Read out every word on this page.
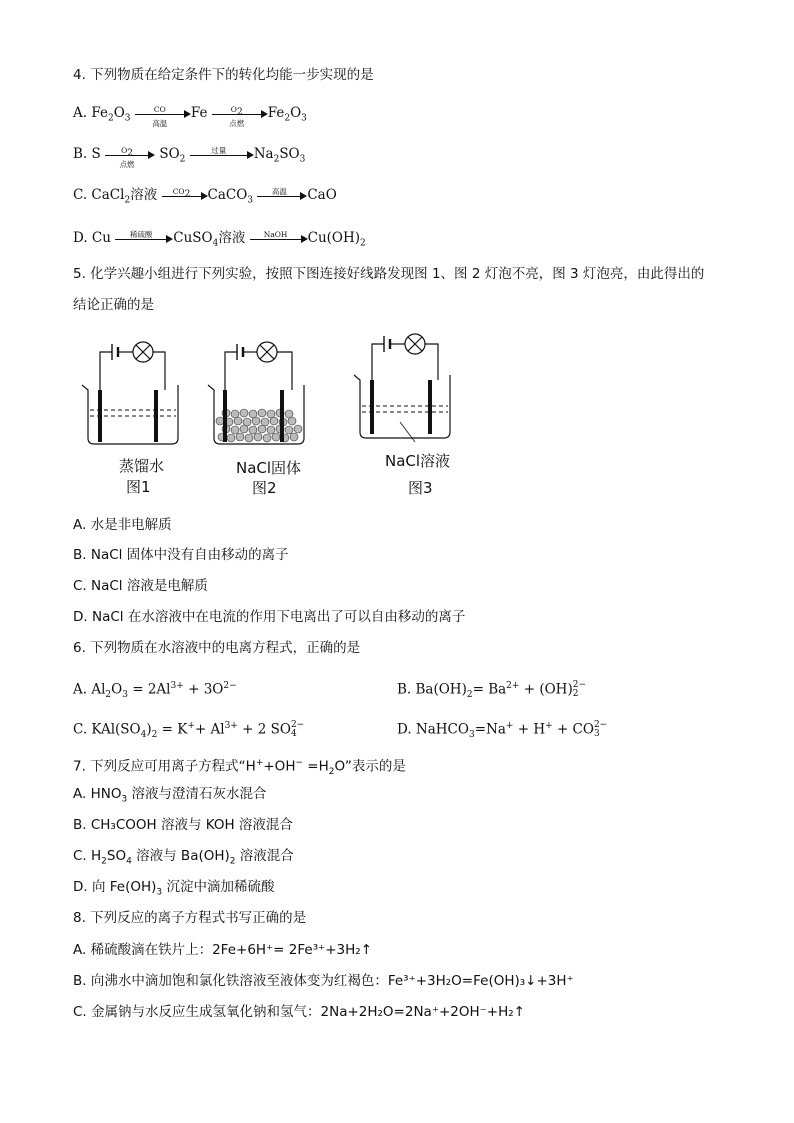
4. 下列物质在给定条件下的转化均能一步实现的是
A. $Fe_2O_3$
CO
高温
Fe	$O_2$
点燃
$Fe_2O_3$
B. S	$O_2$
点燃
$SO_2$
过量	$Na_2SO_3$
C. CaCl$_2$溶液	$CO_2$	CaCO$_3$
高温	CaO
D. Cu	稀硫酸	CuSO$_4$溶液	NaOH	$Cu(OH)_2$
5. 化学兴趣小组进行下列实验，按照下图连接好线路发现图 1、图 2 灯泡不亮，图 3 灯泡亮，由此得出的
结论正确的是
蒸馏水
图1
NaCl固体
图2
NaCl溶液
图3
A. 水是非电解质
B. NaCl 固体中没有自由移动的离子
C. NaCl 溶液是电解质
D. NaCl 在水溶液中在电流的作用下电离出了可以自由移动的离子
6. 下列物质在水溶液中的电离方程式，正确的是
A. $Al_2O_3 = 2Al^{3+} + 3O^{2-}$	B. $Ba(OH)_2= Ba^{2+} + (OH)$ 2−
2
C. $KAl(SO_4)_2 = K^++ Al^{3+} + 2$ SO 2−
4	D. NaHCO$_3$=Na+ + H+ + CO 2−
3
7. 下列反应可用离子方程式“$H^++OH^- =H_2O$”表示的是
A. $HNO_3$ 溶液与澄清石灰水混合
B. CH₃COOH 溶液与 KOH 溶液混合
C. $H_2SO_4$ 溶液与 $Ba(OH)_2$ 溶液混合
D. 向 $Fe(OH)_3$ 沉淀中滴加稀硫酸
8. 下列反应的离子方程式书写正确的是
A. 稀硫酸滴在铁片上：2Fe+6H⁺= 2Fe³⁺+3H₂↑
B. 向沸水中滴加饱和氯化铁溶液至液体变为红褐色：Fe³⁺+3H₂O=Fe(OH)₃↓+3H⁺
C. 金属钠与水反应生成氢氧化钠和氢气：2Na+2H₂O=2Na⁺+2OH⁻+H₂↑
